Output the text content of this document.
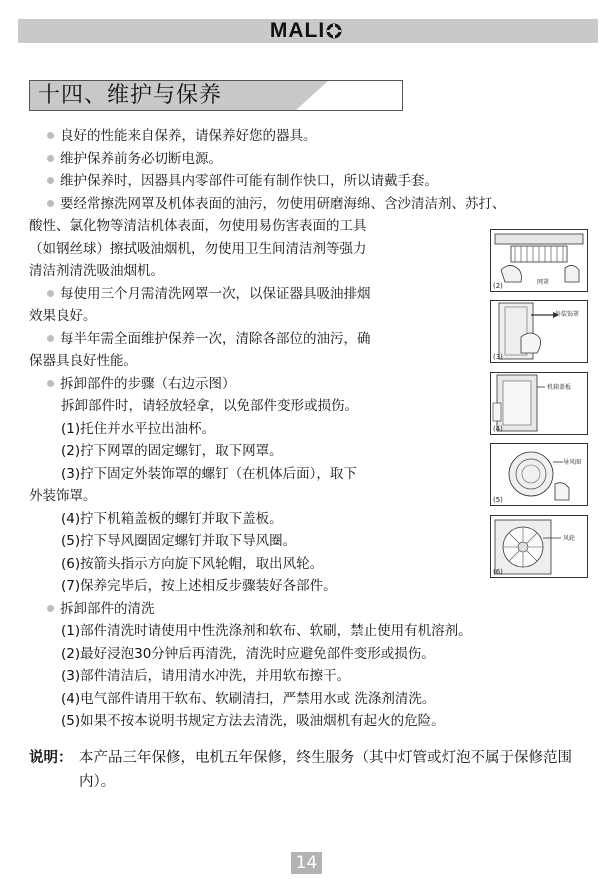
MALI
十四、维护与保养
良好的性能来自保养，请保养好您的器具。
维护保养前务必切断电源。
维护保养时，因器具内零部件可能有制作快口，所以请戴手套。
要经常擦洗网罩及机体表面的油污，勿使用研磨海绵、含沙清洁剂、苏打、
酸性、氯化物等清洁机体表面，勿使用易伤害表面的工具
（如钢丝球）擦拭吸油烟机，勿使用卫生间清洁剂等强力
清洁剂清洗吸油烟机。
每使用三个月需清洗网罩一次，以保证器具吸油排烟
效果良好。
每半年需全面维护保养一次，清除各部位的油污，确
保器具良好性能。
拆卸部件的步骤（右边示图）
拆卸部件时，请轻放轻拿，以免部件变形或损伤。
(1)托住并水平拉出油杯。
(2)拧下网罩的固定螺钉，取下网罩。
(3)拧下固定外装饰罩的螺钉（在机体后面），取下
外装饰罩。
(4)拧下机箱盖板的螺钉并取下盖板。
(5)拧下导风圈固定螺钉并取下导风圈。
(6)按箭头指示方向旋下风轮帽，取出风轮。
(7)保养完毕后，按上述相反步骤装好各部件。
拆卸部件的清洗
(1)部件清洗时请使用中性洗涤剂和软布、软刷，禁止使用有机溶剂。
(2)最好浸泡30分钟后再清洗，清洗时应避免部件变形或损伤。
(3)部件清洁后，请用清水冲洗，并用软布擦干。
(4)电气部件请用干软布、软刷清扫，严禁用水或 洗涤剂清洗。
(5)如果不按本说明书规定方法去清洗，吸油烟机有起火的危险。
网罩
(2)
外装饰罩
(3)
机箱盖板
(4)
导风圈
(5)
风轮
(6)
说明： 本产品三年保修，电机五年保修，终生服务（其中灯管或灯泡不属于保修范围内）。
14
